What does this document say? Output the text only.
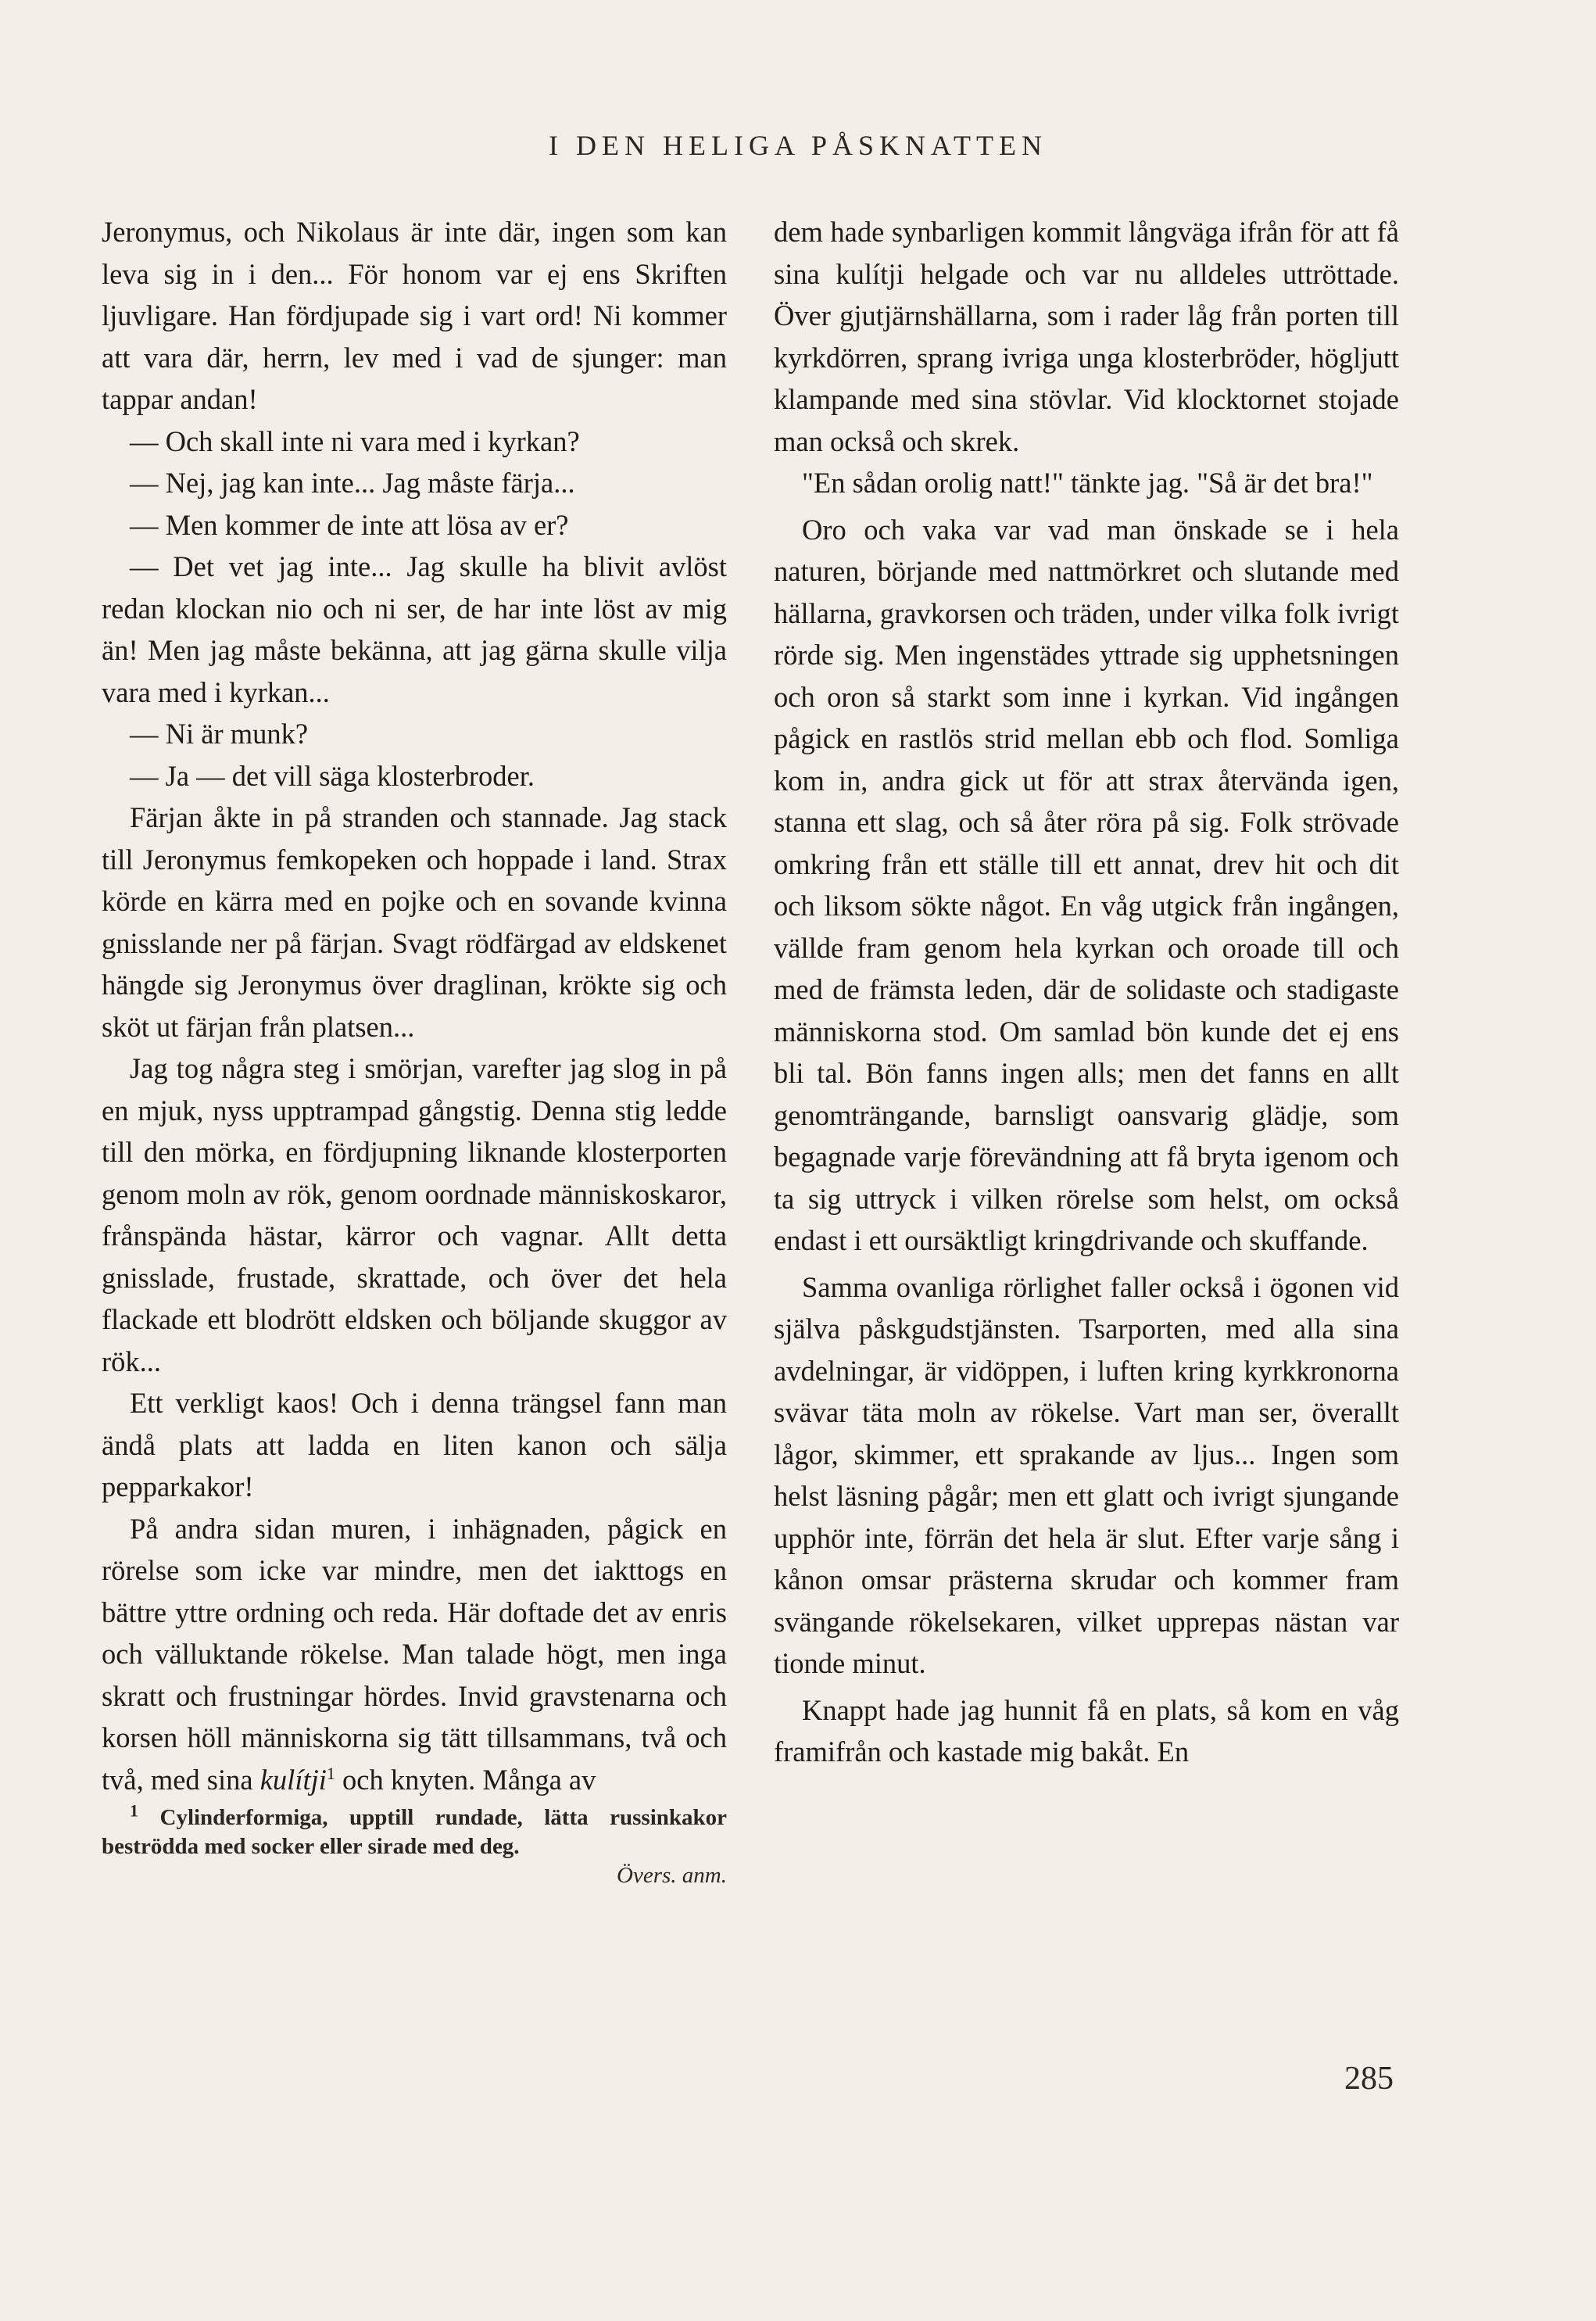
I DEN HELIGA PÅSKNATTEN

Jeronymus, och Nikolaus är inte där, ingen som kan leva sig in i den... För honom var ej ens Skriften ljuvligare. Han fördjupade sig i vart ord! Ni kommer att vara där, herrn, lev med i vad de sjunger: man tappar andan!

— Och skall inte ni vara med i kyrkan?

— Nej, jag kan inte... Jag måste färja...

— Men kommer de inte att lösa av er?

— Det vet jag inte... Jag skulle ha blivit avlöst redan klockan nio och ni ser, de har inte löst av mig än! Men jag måste bekänna, att jag gärna skulle vilja vara med i kyrkan...

— Ni är munk?

— Ja — det vill säga klosterbroder.

Färjan åkte in på stranden och stannade. Jag stack till Jeronymus femkopeken och hoppade i land. Strax körde en kärra med en pojke och en sovande kvinna gnisslande ner på färjan. Svagt rödfärgad av eldskenet hängde sig Jeronymus över draglinan, krökte sig och sköt ut färjan från platsen...

Jag tog några steg i smörjan, varefter jag slog in på en mjuk, nyss upptrampad gångstig. Denna stig ledde till den mörka, en fördjupning liknande klosterporten genom moln av rök, genom oordnade människoskaror, frånspända hästar, kärror och vagnar. Allt detta gnisslade, frustade, skrattade, och över det hela flackade ett blodrött eldsken och böljande skuggor av rök...

Ett verkligt kaos! Och i denna trängsel fann man ändå plats att ladda en liten kanon och sälja pepparkakor!

På andra sidan muren, i inhägnaden, pågick en rörelse som icke var mindre, men det iakttogs en bättre yttre ordning och reda. Här doftade det av enris och välluktande rökelse. Man talade högt, men inga skratt och frustningar hördes. Invid gravstenarna och korsen höll människorna sig tätt tillsammans, två och två, med sina kulítji$^1$ och knyten. Många av

$^1$ Cylinderformiga, upptill rundade, lätta russinkakor beströdda med socker eller sirade med deg.
Övers. anm.

dem hade synbarligen kommit långväga ifrån för att få sina kulítji helgade och var nu alldeles uttröttade. Över gjutjärnshällarna, som i rader låg från porten till kyrkdörren, sprang ivriga unga klosterbröder, högljutt klampande med sina stövlar. Vid klocktornet stojade man också och skrek.

"En sådan orolig natt!" tänkte jag. "Så är det bra!"

Oro och vaka var vad man önskade se i hela naturen, börjande med nattmörkret och slutande med hällarna, gravkorsen och träden, under vilka folk ivrigt rörde sig. Men ingenstädes yttrade sig upphetsningen och oron så starkt som inne i kyrkan. Vid ingången pågick en rastlös strid mellan ebb och flod. Somliga kom in, andra gick ut för att strax återvända igen, stanna ett slag, och så åter röra på sig. Folk strövade omkring från ett ställe till ett annat, drev hit och dit och liksom sökte något. En våg utgick från ingången, vällde fram genom hela kyrkan och oroade till och med de främsta leden, där de solidaste och stadigaste människorna stod. Om samlad bön kunde det ej ens bli tal. Bön fanns ingen alls; men det fanns en allt genomträngande, barnsligt oansvarig glädje, som begagnade varje förevändning att få bryta igenom och ta sig uttryck i vilken rörelse som helst, om också endast i ett oursäktligt kringdrivande och skuffande.

Samma ovanliga rörlighet faller också i ögonen vid själva påskgudstjänsten. Tsarporten, med alla sina avdelningar, är vidöppen, i luften kring kyrkkronorna svävar täta moln av rökelse. Vart man ser, överallt lågor, skimmer, ett sprakande av ljus... Ingen som helst läsning pågår; men ett glatt och ivrigt sjungande upphör inte, förrän det hela är slut. Efter varje sång i kånon omsar prästerna skrudar och kommer fram svängande rökelsekaren, vilket upprepas nästan var tionde minut.

Knappt hade jag hunnit få en plats, så kom en våg framifrån och kastade mig bakåt. En

285
